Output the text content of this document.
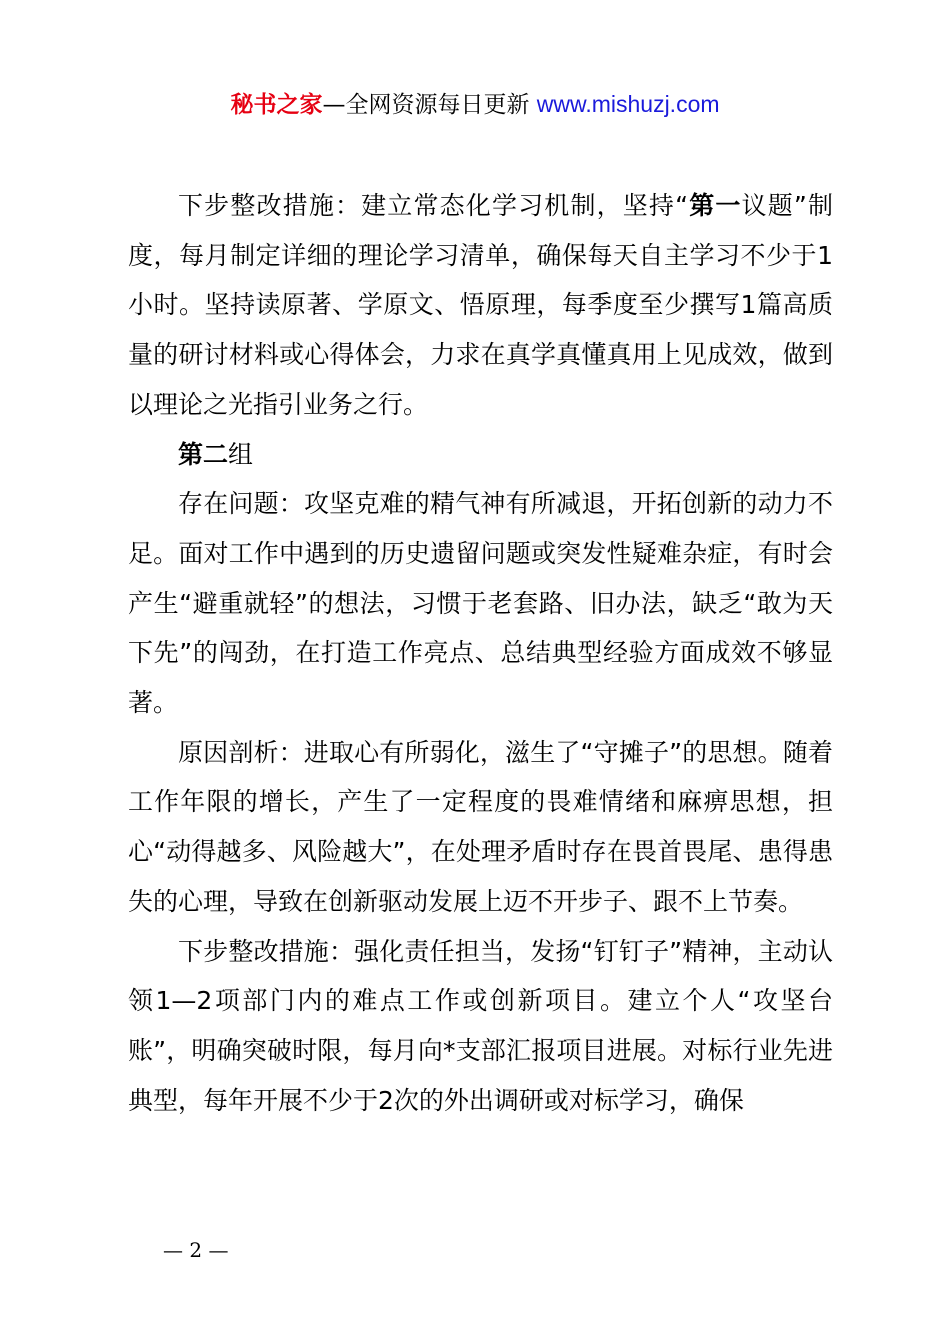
秘书之家—全网资源每日更新 www.mishuzj.com

下步整改措施：建立常态化学习机制，坚持“第一议题”制度，每月制定详细的理论学习清单，确保每天自主学习不少于1小时。坚持读原著、学原文、悟原理，每季度至少撰写1篇高质量的研讨材料或心得体会，力求在真学真懂真用上见成效，做到以理论之光指引业务之行。

第二组

存在问题：攻坚克难的精气神有所减退，开拓创新的动力不足。面对工作中遇到的历史遗留问题或突发性疑难杂症，有时会产生“避重就轻”的想法，习惯于老套路、旧办法，缺乏“敢为天下先”的闯劲，在打造工作亮点、总结典型经验方面成效不够显著。

原因剖析：进取心有所弱化，滋生了“守摊子”的思想。随着工作年限的增长，产生了一定程度的畏难情绪和麻痹思想，担心“动得越多、风险越大”，在处理矛盾时存在畏首畏尾、患得患失的心理，导致在创新驱动发展上迈不开步子、跟不上节奏。

下步整改措施：强化责任担当，发扬“钉钉子”精神，主动认领1—2项部门内的难点工作或创新项目。建立个人“攻坚台账”，明确突破时限，每月向*支部汇报项目进展。对标行业先进典型，每年开展不少于2次的外出调研或对标学习，确保

— 2 —
